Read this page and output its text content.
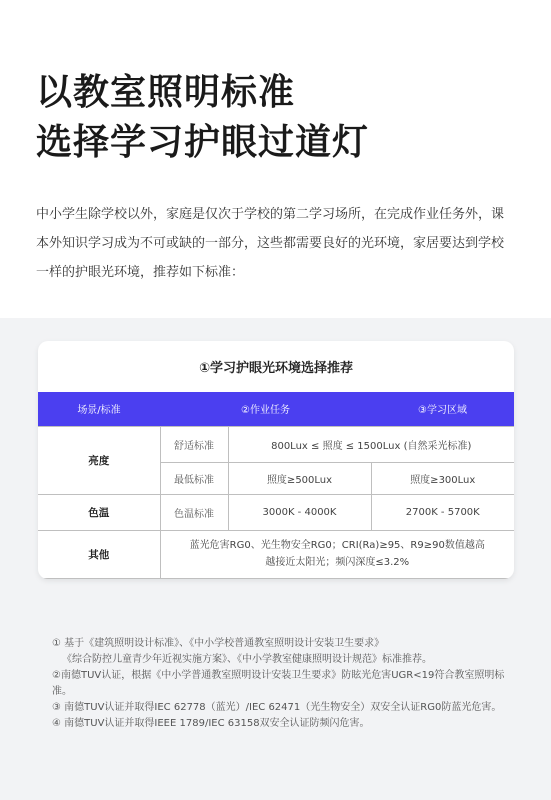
以教室照明标准
选择学习护眼过道灯

中小学生除学校以外，家庭是仅次于学校的第二学习场所，在完成作业任务外，课本外知识学习成为不可或缺的一部分，这些都需要良好的光环境，家居要达到学校一样的护眼光环境，推荐如下标准：

①学习护眼光环境选择推荐
场景/标准	②作业任务		③学习区域
亮度	舒适标准	800Lux ≤ 照度 ≤ 1500Lux (自然采光标准)	
	最低标准	照度≥500Lux	照度≥300Lux
色温	色温标准	3000K - 4000K	2700K - 5700K
其他	蓝光危害RG0、光生物安全RG0；CRI(Ra)≥95、R9≥90数值越高
越接近太阳光；频闪深度≤3.2%		
① 基于《建筑照明设计标准》、《中小学校普通教室照明设计安装卫生要求》
《综合防控儿童青少年近视实施方案》、《中小学教室健康照明设计规范》标准推荐。
②南德TUV认证，根据《中小学普通教室照明设计安装卫生要求》防眩光危害UGR<19符合教室照明标准。
③ 南德TUV认证并取得IEC 62778（蓝光）/IEC 62471（光生物安全）双安全认证RG0防蓝光危害。
④ 南德TUV认证并取得IEEE 1789/IEC 63158双安全认证防频闪危害。
